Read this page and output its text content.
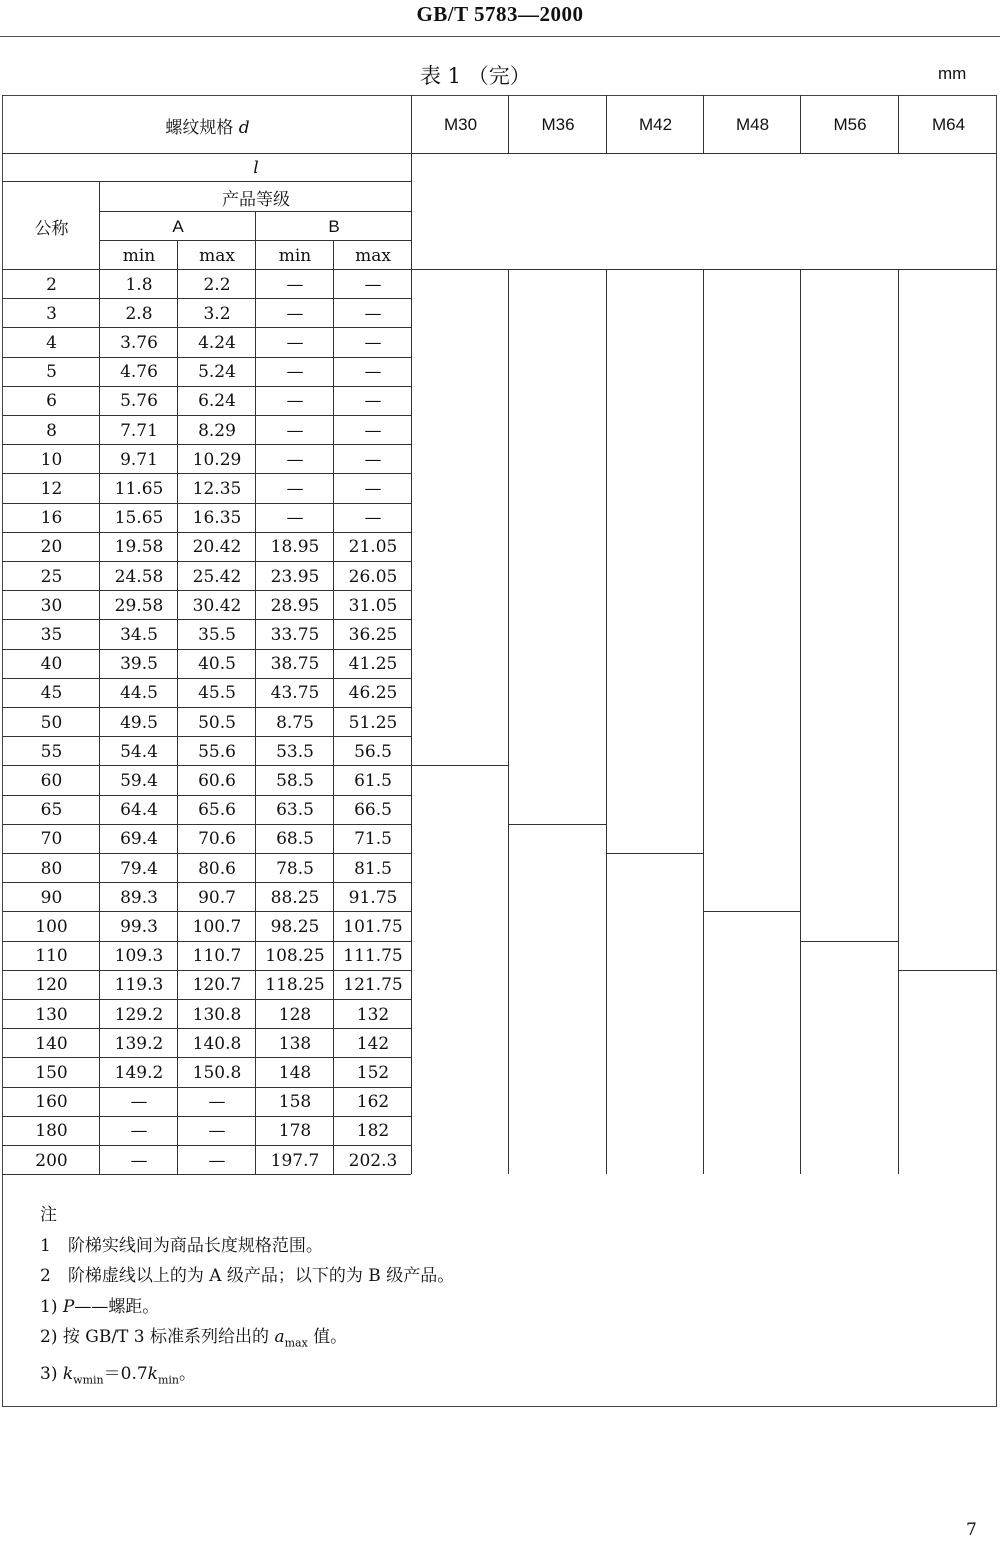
GB/T 5783—2000
表 1 （完）	mm
螺纹规格 d	M30	M36	M42	M48	M56	M64
l
产品等级
A	B
min	max	min	max
公称
2	1.8	2.2	—	—
3	2.8	3.2	—	—
4	3.76	4.24	—	—
5	4.76	5.24	—	—
6	5.76	6.24	—	—
8	7.71	8.29	—	—
10	9.71	10.29	—	—
12	11.65	12.35	—	—
16	15.65	16.35	—	—
20	19.58	20.42	18.95	21.05
25	24.58	25.42	23.95	26.05
30	29.58	30.42	28.95	31.05
35	34.5	35.5	33.75	36.25
40	39.5	40.5	38.75	41.25
45	44.5	45.5	43.75	46.25
50	49.5	50.5	8.75	51.25
55	54.4	55.6	53.5	56.5
60	59.4	60.6	58.5	61.5
65	64.4	65.6	63.5	66.5
70	69.4	70.6	68.5	71.5
80	79.4	80.6	78.5	81.5
90	89.3	90.7	88.25	91.75
100	99.3	100.7	98.25	101.75
110	109.3	110.7	108.25	111.75
120	119.3	120.7	118.25	121.75
130	129.2	130.8	128	132
140	139.2	140.8	138	142
150	149.2	150.8	148	152
160	—	—	158	162
180	—	—	178	182
200	—	—	197.7	202.3
注
1　阶梯实线间为商品长度规格范围。
2　阶梯虚线以上的为 A 级产品；以下的为 B 级产品。
1) P——螺距。
2) 按 GB/T 3 标准系列给出的 $a_{max}$ 值。
3) $k_{wmin}=0.7k_{min}$。
7
